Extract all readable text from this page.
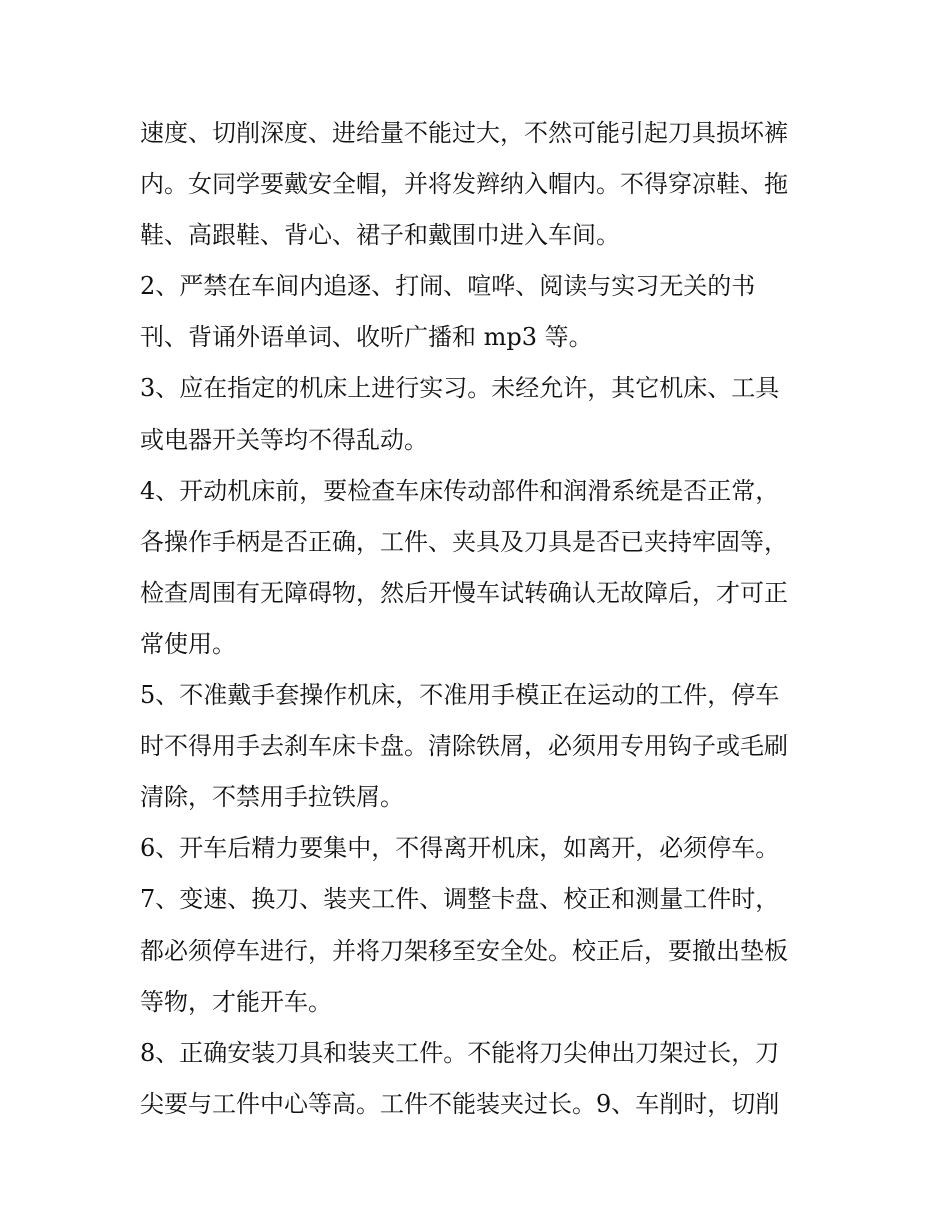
速度、切削深度、进给量不能过大，不然可能引起刀具损坏裤
内。女同学要戴安全帽，并将发辫纳入帽内。不得穿凉鞋、拖
鞋、高跟鞋、背心、裙子和戴围巾进入车间。
2、严禁在车间内追逐、打闹、喧哗、阅读与实习无关的书
刊、背诵外语单词、收听广播和 mp3 等。
3、应在指定的机床上进行实习。未经允许，其它机床、工具
或电器开关等均不得乱动。
4、开动机床前，要检查车床传动部件和润滑系统是否正常，
各操作手柄是否正确，工件、夹具及刀具是否已夹持牢固等，
检查周围有无障碍物，然后开慢车试转确认无故障后，才可正
常使用。
5、不准戴手套操作机床，不准用手模正在运动的工件，停车
时不得用手去刹车床卡盘。清除铁屑，必须用专用钩子或毛刷
清除，不禁用手拉铁屑。
6、开车后精力要集中，不得离开机床，如离开，必须停车。
7、变速、换刀、装夹工件、调整卡盘、校正和测量工件时，
都必须停车进行，并将刀架移至安全处。校正后，要撤出垫板
等物，才能开车。
8、正确安装刀具和装夹工件。不能将刀尖伸出刀架过长，刀
尖要与工件中心等高。工件不能装夹过长。9、车削时，切削
